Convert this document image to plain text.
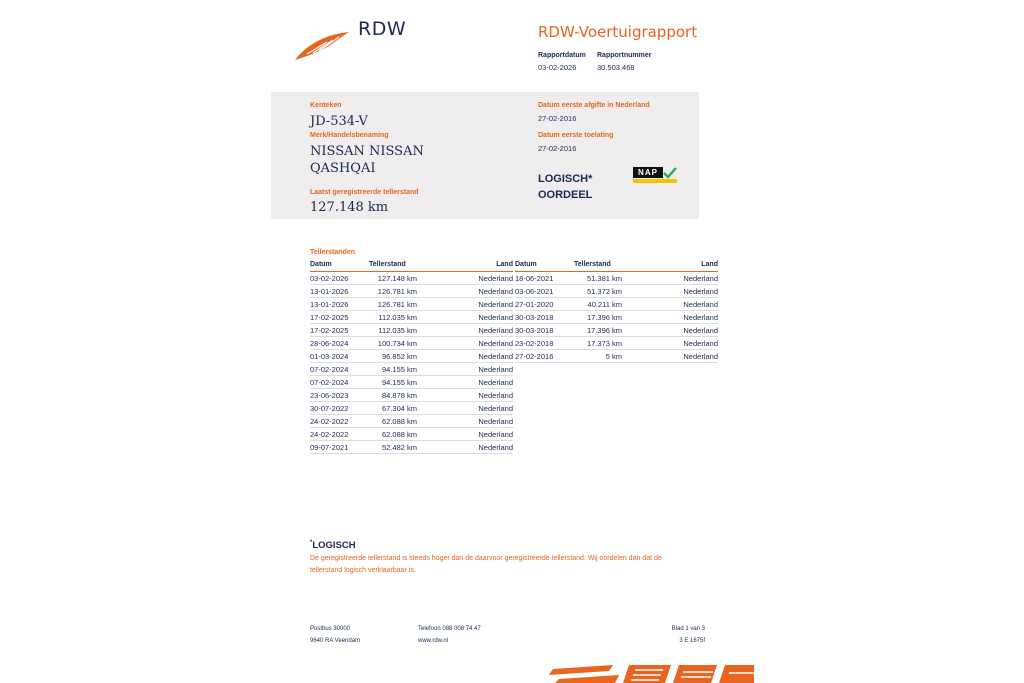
RDW	RDW-Voertuigrapport
Rapportdatum
03-02-2026
Rapportnummer
30.503.468
Kenteken
JD-534-V
Merk/Handelsbenaming
NISSAN NISSAN
QASHQAI
Laatst geregistreerde tellerstand
127.148 km
Datum eerste afgifte in Nederland
27-02-2016
Datum eerste toelating
27-02-2016
LOGISCH*
OORDEEL
NAP
Tellerstanden
Datum	Tellerstand	Land
03-02-2026	127.148 km	Nederland
13-01-2026	126.781 km	Nederland
13-01-2026	126.781 km	Nederland
17-02-2025	112.035 km	Nederland
17-02-2025	112.035 km	Nederland
28-06-2024	100.734 km	Nederland
01-03-2024	96.852 km	Nederland
07-02-2024	94.155 km	Nederland
07-02-2024	94.155 km	Nederland
23-06-2023	84.878 km	Nederland
30-07-2022	67.304 km	Nederland
24-02-2022	62.088 km	Nederland
24-02-2022	62.088 km	Nederland
09-07-2021	52.482 km	Nederland
Datum	Tellerstand	Land
18-06-2021	51.381 km	Nederland
03-06-2021	51.372 km	Nederland
27-01-2020	40.211 km	Nederland
30-03-2018	17.396 km	Nederland
30-03-2018	17.396 km	Nederland
23-02-2018	17.373 km	Nederland
27-02-2016	5 km	Nederland
*LOGISCH
De geregistreerde tellerstand is steeds hoger dan de daarvoor geregistreerde tellerstand. Wij oordelen dan dat de tellerstand logisch verklaarbaar is.
Postbus 30000
9640 RA Veendam
Telefoon 088 008 74 47
www.rdw.nl
Blad 1 van 3
3 E 1675f
